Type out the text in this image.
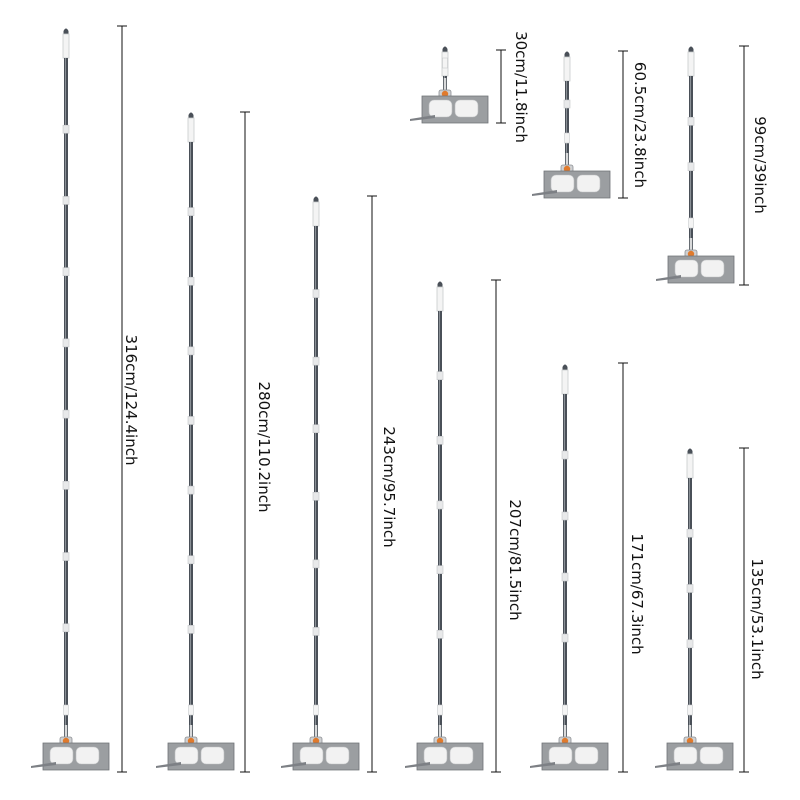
316cm/124.4inch	280cm/110.2inch	243cm/95.7inch
207cm/81.5inch	171cm/67.3inch	135cm/53.1inch
30cm/11.8inch	60.5cm/23.8inch	99cm/39inch
